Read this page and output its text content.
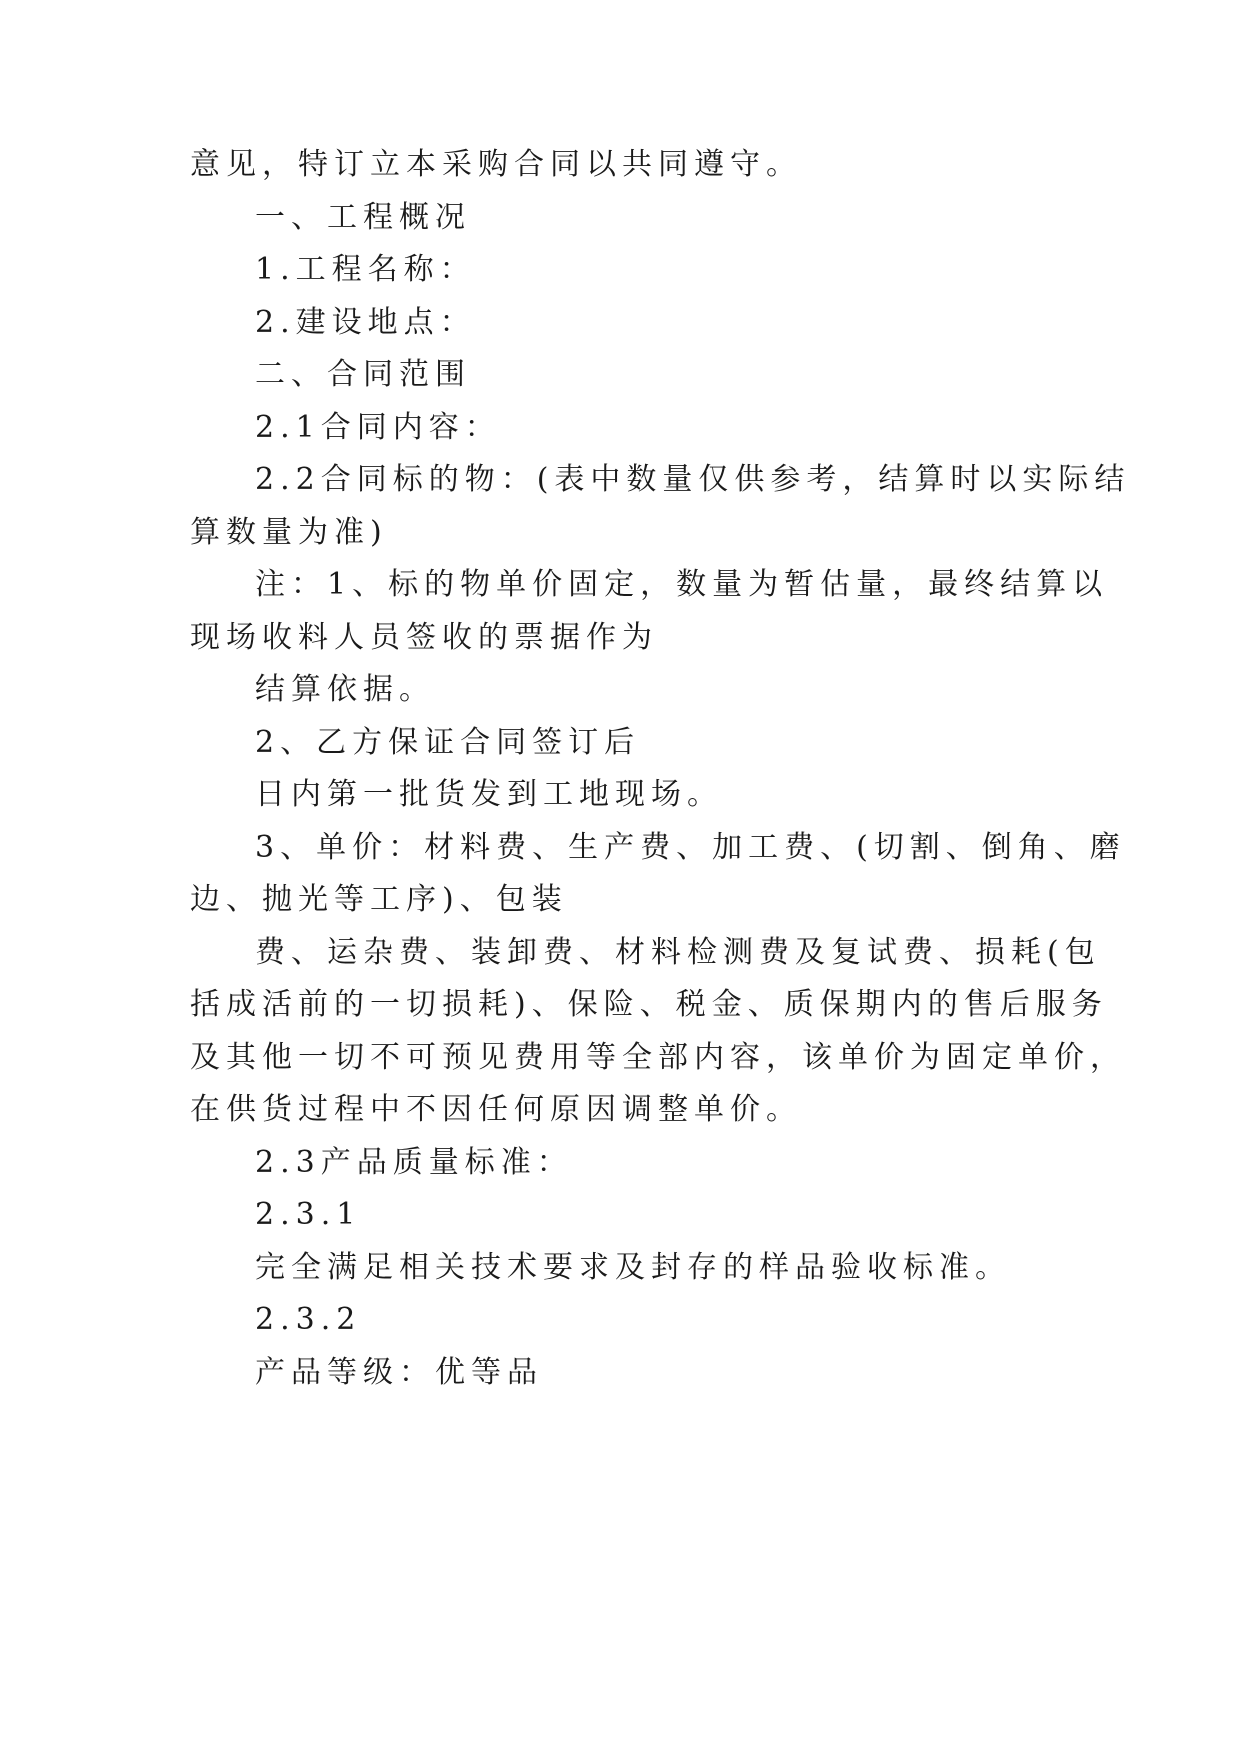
意见，特订立本采购合同以共同遵守。
一、工程概况
1.工程名称：
2.建设地点：
二、合同范围
2.1合同内容：
2.2合同标的物：(表中数量仅供参考，结算时以实际结
算数量为准)
注：1、标的物单价固定，数量为暂估量，最终结算以
现场收料人员签收的票据作为
结算依据。
2、乙方保证合同签订后
日内第一批货发到工地现场。
3、单价：材料费、生产费、加工费、(切割、倒角、磨
边、抛光等工序)、包装
费、运杂费、装卸费、材料检测费及复试费、损耗(包
括成活前的一切损耗)、保险、税金、质保期内的售后服务
及其他一切不可预见费用等全部内容，该单价为固定单价，
在供货过程中不因任何原因调整单价。
2.3产品质量标准：
2.3.1
完全满足相关技术要求及封存的样品验收标准。
2.3.2
产品等级：优等品
